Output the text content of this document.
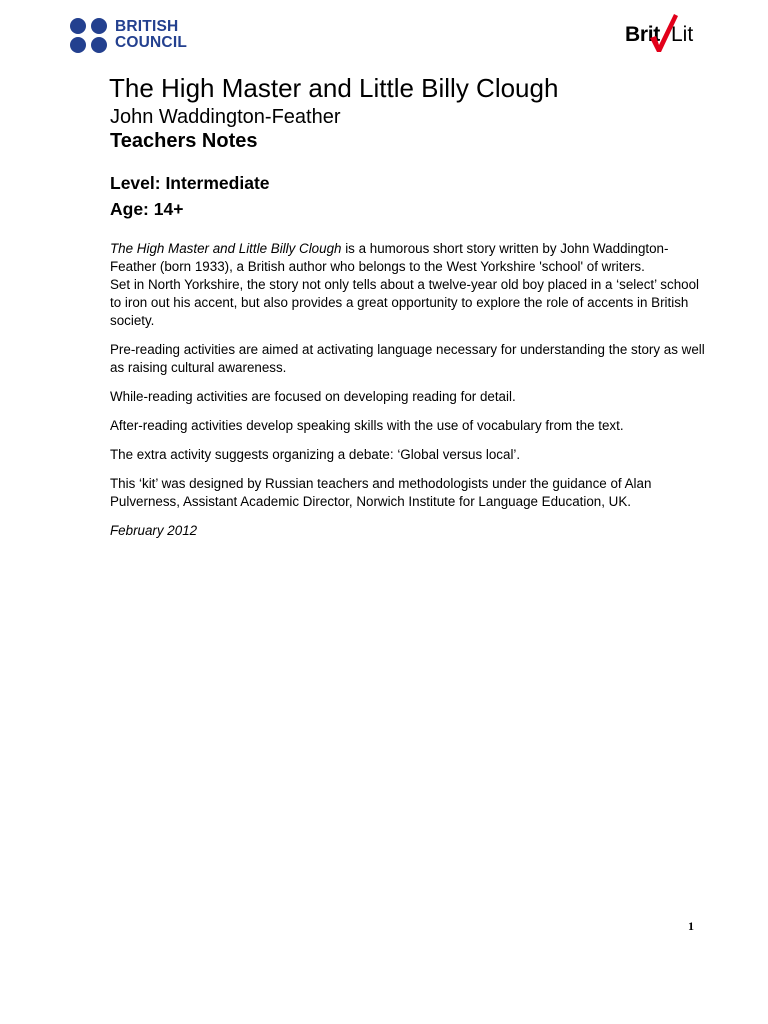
BRITISH
COUNCIL	Brit Lit
The High Master and Little Billy Clough
John Waddington-Feather
Teachers Notes
Level: Intermediate
Age: 14+

The High Master and Little Billy Clough is a humorous short story written by John Waddington-Feather (born 1933), a British author who belongs to the West Yorkshire 'school' of writers.

Set in North Yorkshire, the story not only tells about a twelve-year old boy placed in a ‘select’ school to iron out his accent, but also provides a great opportunity to explore the role of accents in British society.

Pre-reading activities are aimed at activating language necessary for understanding the story as well as raising cultural awareness.

While-reading activities are focused on developing reading for detail.

After-reading activities develop speaking skills with the use of vocabulary from the text.

The extra activity suggests organizing a debate: ‘Global versus local’.

This ‘kit’ was designed by Russian teachers and methodologists under the guidance of Alan Pulverness, Assistant Academic Director, Norwich Institute for Language Education, UK.

February 2012

1
